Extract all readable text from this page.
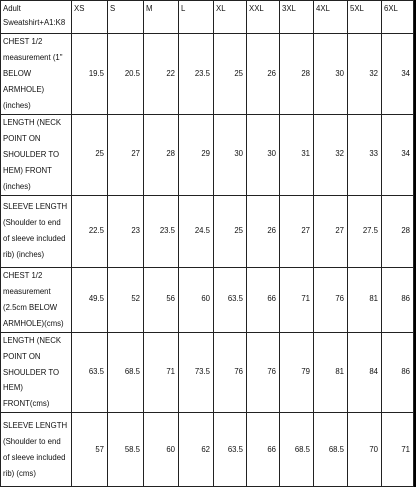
Adult Sweatshirt+A1:K8	XS	S	M	L	XL	XXL	3XL	4XL	5XL	6XL
CHEST 1/2 measurement (1" BELOW ARMHOLE) (inches)	19.5	20.5	22	23.5	25	26	28	30	32	34
LENGTH (NECK POINT ON SHOULDER TO HEM) FRONT (inches)	25	27	28	29	30	30	31	32	33	34
SLEEVE LENGTH (Shoulder to end of sleeve included rib) (inches)	22.5	23	23.5	24.5	25	26	27	27	27.5	28
CHEST 1/2 measurement (2.5cm BELOW ARMHOLE)(cms)	49.5	52	56	60	63.5	66	71	76	81	86
LENGTH (NECK POINT ON SHOULDER TO HEM) FRONT(cms)	63.5	68.5	71	73.5	76	76	79	81	84	86
SLEEVE LENGTH (Shoulder to end of sleeve included rib) (cms)	57	58.5	60	62	63.5	66	68.5	68.5	70	71
